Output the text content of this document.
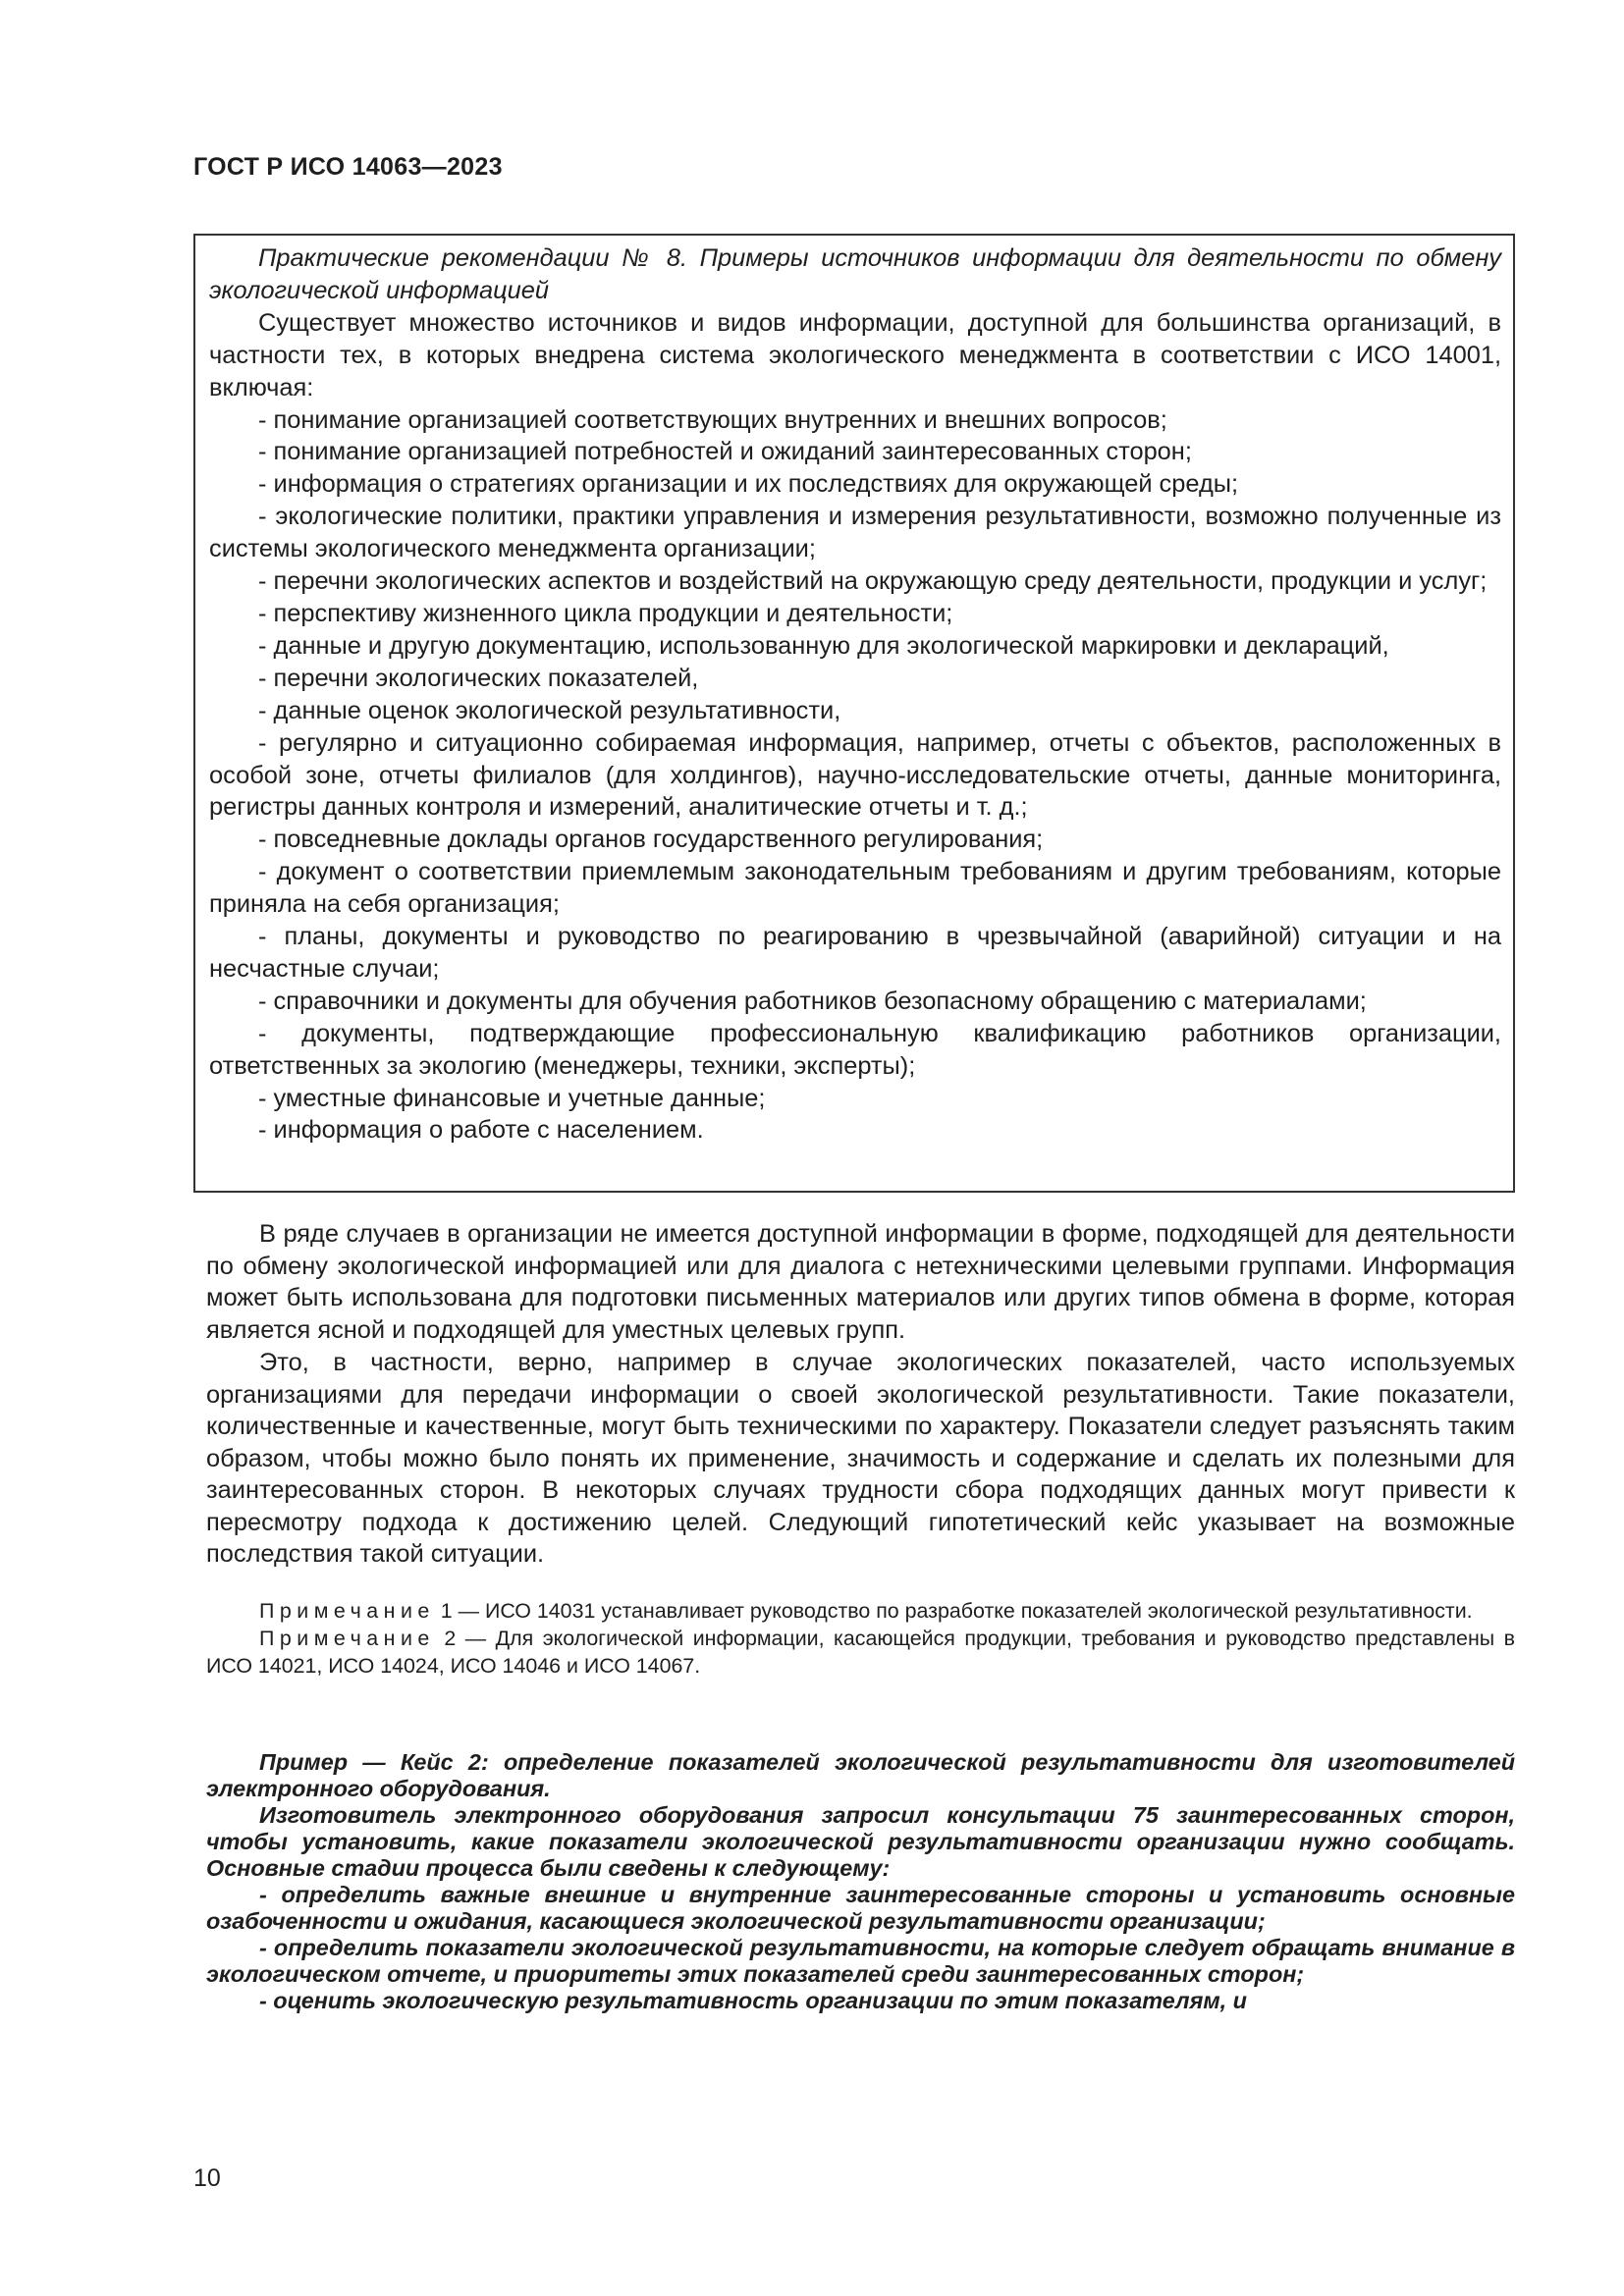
ГОСТ Р ИСО 14063—2023

Практические рекомендации № 8. Примеры источников информации для деятельности по обмену экологической информацией

Существует множество источников и видов информации, доступной для большинства организаций, в частности тех, в которых внедрена система экологического менеджмента в соответствии с ИСО 14001, включая:

- понимание организацией соответствующих внутренних и внешних вопросов;

- понимание организацией потребностей и ожиданий заинтересованных сторон;

- информация о стратегиях организации и их последствиях для окружающей среды;

- экологические политики, практики управления и измерения результативности, возможно полученные из системы экологического менеджмента организации;

- перечни экологических аспектов и воздействий на окружающую среду деятельности, продукции и услуг;

- перспективу жизненного цикла продукции и деятельности;

- данные и другую документацию, использованную для экологической маркировки и деклараций,

- перечни экологических показателей,

- данные оценок экологической результативности,

- регулярно и ситуационно собираемая информация, например, отчеты с объектов, расположенных в особой зоне, отчеты филиалов (для холдингов), научно-исследовательские отчеты, данные мониторинга, регистры данных контроля и измерений, аналитические отчеты и т. д.;

- повседневные доклады органов государственного регулирования;

- документ о соответствии приемлемым законодательным требованиям и другим требованиям, которые приняла на себя организация;

- планы, документы и руководство по реагированию в чрезвычайной (аварийной) ситуации и на несчастные случаи;

- справочники и документы для обучения работников безопасному обращению с материалами;

- документы, подтверждающие профессиональную квалификацию работников организации, ответственных за экологию (менеджеры, техники, эксперты);

- уместные финансовые и учетные данные;

- информация о работе с населением.

В ряде случаев в организации не имеется доступной информации в форме, подходящей для деятельности по обмену экологической информацией или для диалога с нетехническими целевыми группами. Информация может быть использована для подготовки письменных материалов или других типов обмена в форме, которая является ясной и подходящей для уместных целевых групп.

Это, в частности, верно, например в случае экологических показателей, часто используемых организациями для передачи информации о своей экологической результативности. Такие показатели, количественные и качественные, могут быть техническими по характеру. Показатели следует разъяснять таким образом, чтобы можно было понять их применение, значимость и содержание и сделать их полезными для заинтересованных сторон. В некоторых случаях трудности сбора подходящих данных могут привести к пересмотру подхода к достижению целей. Следующий гипотетический кейс указывает на возможные последствия такой ситуации.

Примечание 1 — ИСО 14031 устанавливает руководство по разработке показателей экологической результативности.

Примечание 2 — Для экологической информации, касающейся продукции, требования и руководство представлены в ИСО 14021, ИСО 14024, ИСО 14046 и ИСО 14067.

Пример — Кейс 2: определение показателей экологической результативности для изготовителей электронного оборудования.

Изготовитель электронного оборудования запросил консультации 75 заинтересованных сторон, чтобы установить, какие показатели экологической результативности организации нужно сообщать. Основные стадии процесса были сведены к следующему:

- определить важные внешние и внутренние заинтересованные стороны и установить основные озабоченности и ожидания, касающиеся экологической результативности организации;

- определить показатели экологической результативности, на которые следует обращать внимание в экологическом отчете, и приоритеты этих показателей среди заинтересованных сторон;

- оценить экологическую результативность организации по этим показателям, и

10
